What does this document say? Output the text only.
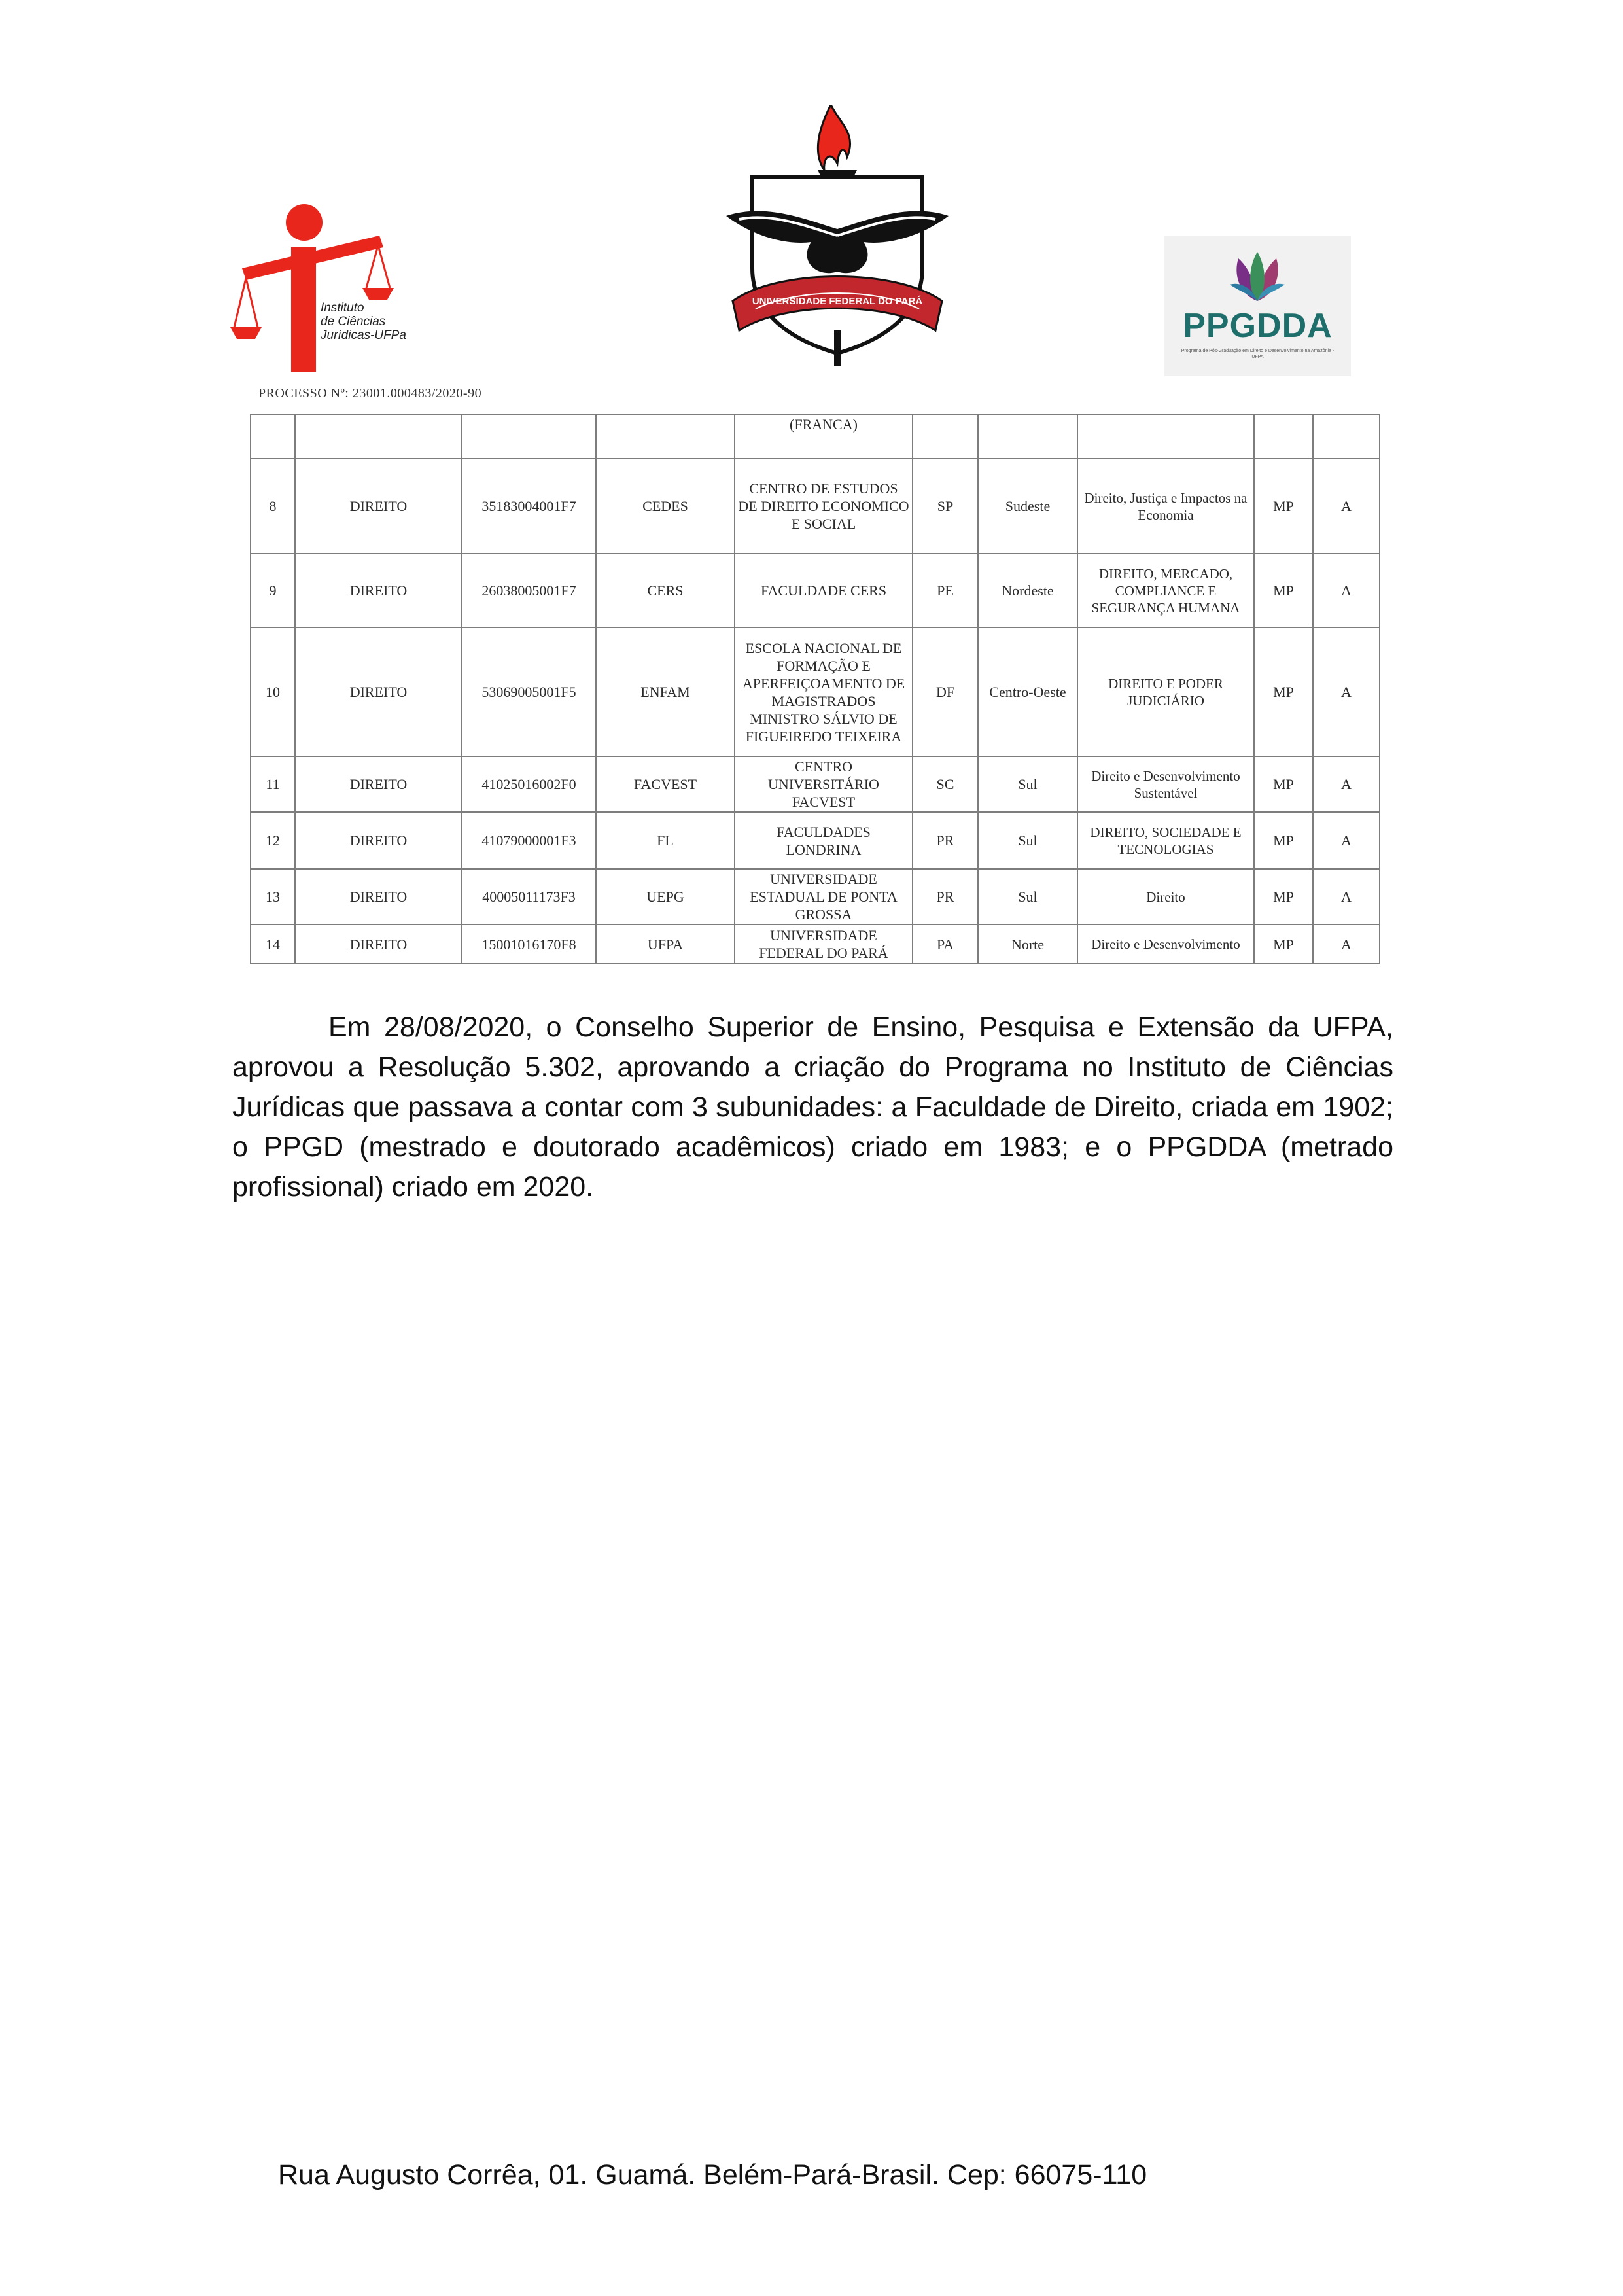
Instituto
de Ciências
Jurídicas-UFPa
UNIVERSIDADE FEDERAL DO PARÁ
PPGDDA
Programa de Pós-Graduação em Direito e Desenvolvimento na Amazônia - UFPA
PROCESSO Nº: 23001.000483/2020-90
				(FRANCA)					
8	DIREITO	35183004001F7	CEDES	CENTRO DE ESTUDOS DE DIREITO ECONOMICO E SOCIAL	SP	Sudeste	Direito, Justiça e Impactos na Economia	MP	A
9	DIREITO	26038005001F7	CERS	FACULDADE CERS	PE	Nordeste	DIREITO, MERCADO, COMPLIANCE E SEGURANÇA HUMANA	MP	A
10	DIREITO	53069005001F5	ENFAM	ESCOLA NACIONAL DE FORMAÇÃO E APERFEIÇOAMENTO DE MAGISTRADOS MINISTRO SÁLVIO DE FIGUEIREDO TEIXEIRA	DF	Centro-Oeste	DIREITO E PODER JUDICIÁRIO	MP	A
11	DIREITO	41025016002F0	FACVEST	CENTRO UNIVERSITÁRIO FACVEST	SC	Sul	Direito e Desenvolvimento Sustentável	MP	A
12	DIREITO	41079000001F3	FL	FACULDADES LONDRINA	PR	Sul	DIREITO, SOCIEDADE E TECNOLOGIAS	MP	A
13	DIREITO	40005011173F3	UEPG	UNIVERSIDADE ESTADUAL DE PONTA GROSSA	PR	Sul	Direito	MP	A
14	DIREITO	15001016170F8	UFPA	UNIVERSIDADE FEDERAL DO PARÁ	PA	Norte	Direito e Desenvolvimento	MP	A

Em 28/08/2020, o Conselho Superior de Ensino, Pesquisa e Extensão da UFPA, aprovou a Resolução 5.302, aprovando a criação do Programa no Instituto de Ciências Jurídicas que passava a contar com 3 subunidades: a Faculdade de Direito, criada em 1902; o PPGD (mestrado e doutorado acadêmicos) criado em 1983; e o PPGDDA (metrado profissional) criado em 2020.

Rua Augusto Corrêa, 01. Guamá. Belém-Pará-Brasil. Cep: 66075-110
